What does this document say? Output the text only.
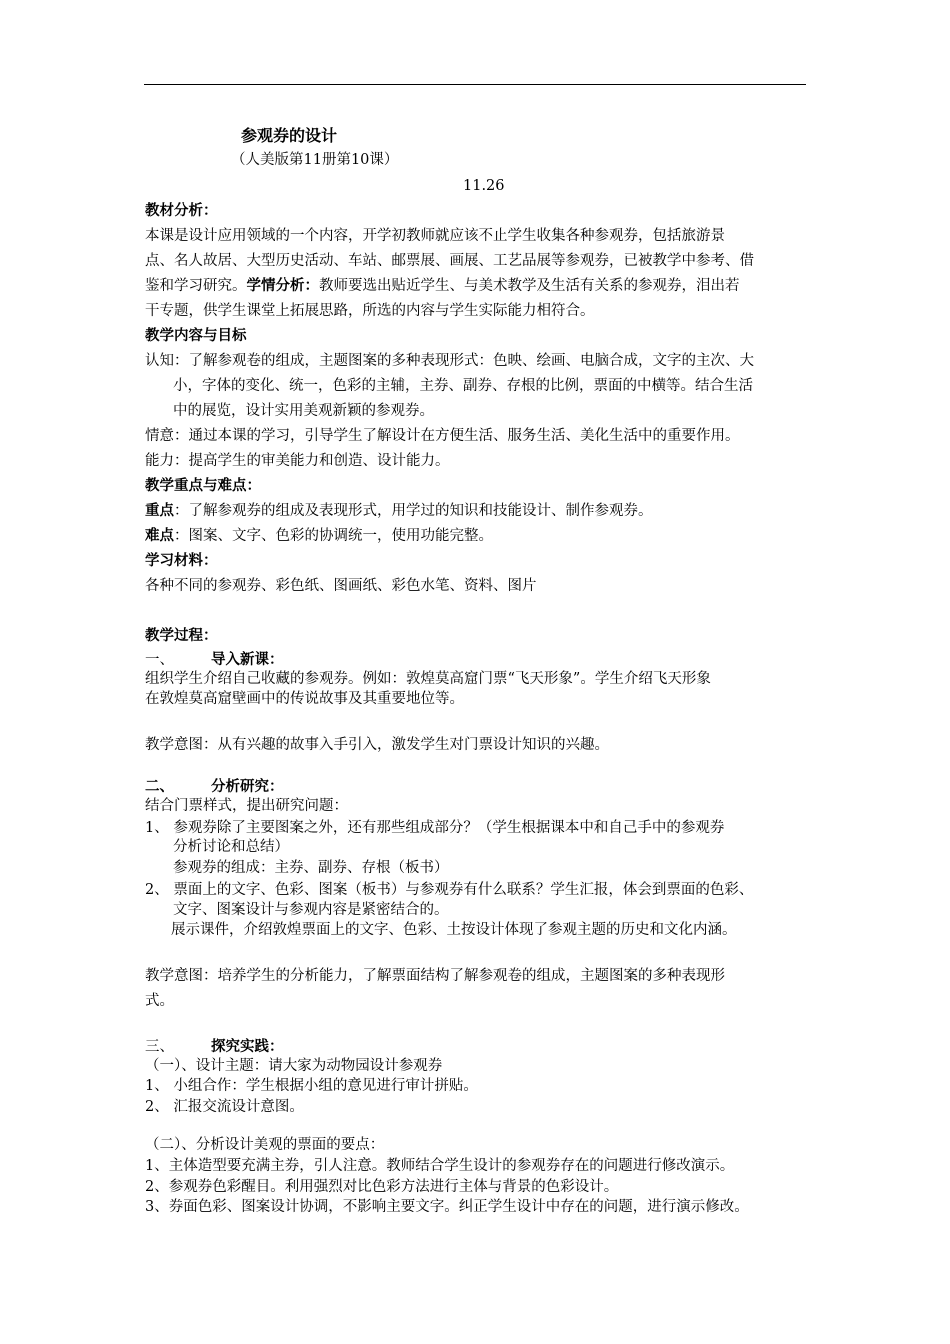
参观券的设计
（人美版第11册第10课）
11.26
教材分析：
本课是设计应用领域的一个内容，开学初教师就应该不止学生收集各种参观券，包括旅游景
点、名人故居、大型历史活动、车站、邮票展、画展、工艺品展等参观券，已被教学中参考、借
鉴和学习研究。学情分析：教师要选出贴近学生、与美术教学及生活有关系的参观券，泪出若
干专题，供学生课堂上拓展思路，所选的内容与学生实际能力相符合。
教学内容与目标
认知：了解参观卷的组成，主题图案的多种表现形式：色映、绘画、电脑合成，文字的主次、大
小，字体的变化、统一，色彩的主辅，主券、副券、存根的比例，票面的中横等。结合生活
中的展览，设计实用美观新颖的参观券。
情意：通过本课的学习，引导学生了解设计在方便生活、服务生活、美化生活中的重要作用。
能力：提高学生的审美能力和创造、设计能力。
教学重点与难点：
重点：了解参观券的组成及表现形式，用学过的知识和技能设计、制作参观券。
难点：图案、文字、色彩的协调统一，使用功能完整。
学习材料：
各种不同的参观券、彩色纸、图画纸、彩色水笔、资料、图片
教学过程：
一、	导入新课：
组织学生介绍自己收藏的参观券。例如：敦煌莫高窟门票“飞天形象”。学生介绍飞天形象
在敦煌莫高窟壁画中的传说故事及其重要地位等。
教学意图：从有兴趣的故事入手引入，激发学生对门票设计知识的兴趣。
二、	分析研究：
结合门票样式，提出研究问题：
1、 参观券除了主要图案之外，还有那些组成部分？（学生根据课本中和自己手中的参观券
分析讨论和总结）
参观券的组成：主券、副券、存根（板书）
2、 票面上的文字、色彩、图案（板书）与参观券有什么联系？学生汇报，体会到票面的色彩、
文字、图案设计与参观内容是紧密结合的。
展示课件，介绍敦煌票面上的文字、色彩、土按设计体现了参观主题的历史和文化内涵。
教学意图：培养学生的分析能力，了解票面结构了解参观卷的组成，主题图案的多种表现形
式。
三、	探究实践：
（一）、设计主题：请大家为动物园设计参观券
1、 小组合作：学生根据小组的意见进行审计拼贴。
2、 汇报交流设计意图。
（二）、分析设计美观的票面的要点：
1、主体造型要充满主券，引人注意。教师结合学生设计的参观券存在的问题进行修改演示。
2、参观券色彩醒目。利用强烈对比色彩方法进行主体与背景的色彩设计。
3、券面色彩、图案设计协调，不影响主要文字。纠正学生设计中存在的问题，进行演示修改。
